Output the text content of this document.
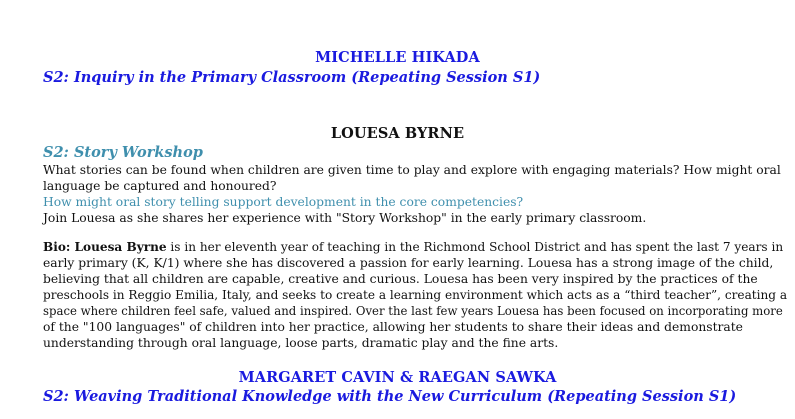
MICHELLE HIKADA

S2: Inquiry in the Primary Classroom (Repeating Session S1)

LOUESA BYRNE

S2: Story Workshop

What stories can be found when children are given time to play and explore with engaging materials? How might oral

language be captured and honoured?

How might oral story telling support development in the core competencies?

Join Louesa as she shares her experience with "Story Workshop" in the early primary classroom.

Bio: Louesa Byrne is in her eleventh year of teaching in the Richmond School District and has spent the last 7 years in

early primary (K, K/1) where she has discovered a passion for early learning. Louesa has a strong image of the child,

believing that all children are capable, creative and curious. Louesa has been very inspired by the practices of the

preschools in Reggio Emilia, Italy, and seeks to create a learning environment which acts as a “third teacher”, creating a

space where children feel safe, valued and inspired. Over the last few years Louesa has been focused on incorporating more

of the "100 languages" of children into her practice, allowing her students to share their ideas and demonstrate

understanding through oral language, loose parts, dramatic play and the fine arts.

MARGARET CAVIN & RAEGAN SAWKA

S2: Weaving Traditional Knowledge with the New Curriculum (Repeating Session S1)
